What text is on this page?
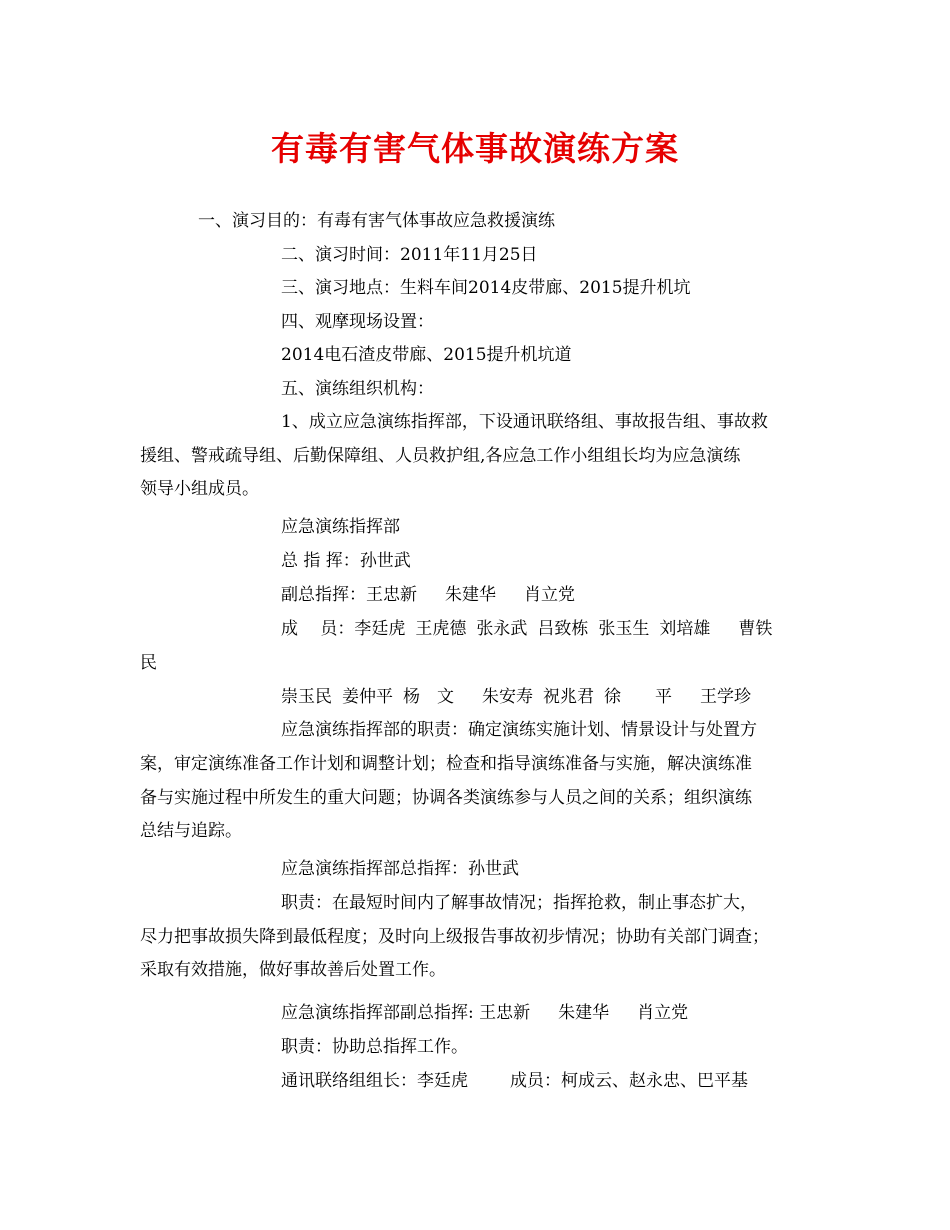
有毒有害气体事故演练方案

一、演习目的：有毒有害气体事故应急救援演练

二、演习时间：2011年11月25日

三、演习地点：生料车间2014皮带廊、2015提升机坑

四、观摩现场设置：

2014电石渣皮带廊、2015提升机坑道

五、演练组织机构：

1、成立应急演练指挥部，下设通讯联络组、事故报告组、事故救

援组、警戒疏导组、后勤保障组、人员救护组,各应急工作小组组长均为应急演练

领导小组成员。

应急演练指挥部

总 指 挥：孙世武

副总指挥：王忠新 朱建华 肖立党

成　 员：李廷虎 王虎德 张永武 吕致栋 张玉生 刘培雄 曹铁

民

崇玉民 姜仲平 杨　文 朱安寿 祝兆君 徐　　平 王学珍

应急演练指挥部的职责：确定演练实施计划、情景设计与处置方

案，审定演练准备工作计划和调整计划；检查和指导演练准备与实施，解决演练准

备与实施过程中所发生的重大问题；协调各类演练参与人员之间的关系；组织演练

总结与追踪。

应急演练指挥部总指挥：孙世武

职责：在最短时间内了解事故情况；指挥抢救，制止事态扩大，

尽力把事故损失降到最低程度；及时向上级报告事故初步情况；协助有关部门调查；

采取有效措施，做好事故善后处置工作。

应急演练指挥部副总指挥: 王忠新 朱建华 肖立党

职责：协助总指挥工作。

通讯联络组组长：李廷虎 成员：柯成云、赵永忠、巴平基
